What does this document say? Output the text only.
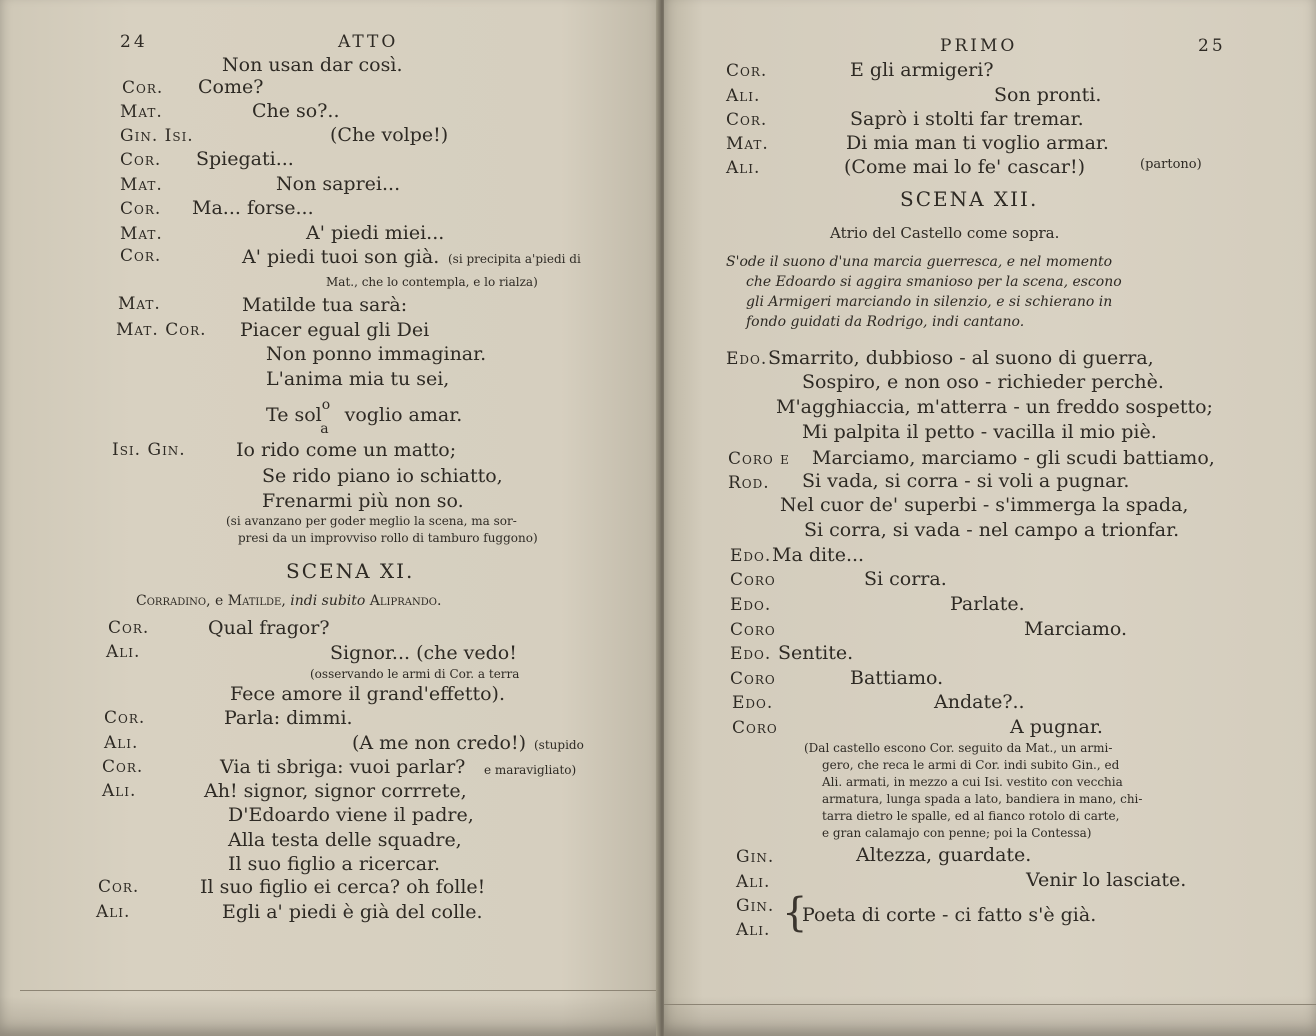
24	ATTO
Non usan dar così.
Cor. Come?
Mat.	Che so?..
Gin. Isi.	(Che volpe!)
Cor. Spiegati...
Mat.	Non saprei...
Cor. Ma... forse...
Mat.	A' piedi miei...
Cor.	A' piedi tuoi son già. (si precipita a'piedi di
Mat., che lo contempla, e lo rialza)
Mat.	Matilde tua sarà:
Mat. Cor. Piacer egual gli Dei
Non ponno immaginar.
L'anima mia tu sei,
Te sol$^o_a$ voglio amar.
Isi. Gin.	Io rido come un matto;
Se rido piano io schiatto,
Frenarmi più non so.
(si avanzano per goder meglio la scena, ma sor-
presi da un improvviso rollo di tamburo fuggono)
SCENA XI.
Corradino, e Matilde, indi subito Aliprando.
Cor.	Qual fragor?
Ali.	Signor... (che vedo!
(osservando le armi di Cor. a terra
Fece amore il grand'effetto).
Cor.	Parla: dimmi.
Ali.	(A me non credo!) (stupido
Cor.	Via ti sbriga: vuoi parlar? e maravigliato)
Ali.	Ah! signor, signor corrrete,
D'Edoardo viene il padre,
Alla testa delle squadre,
Il suo figlio a ricercar.
Cor.	Il suo figlio ei cerca? oh folle!
Ali.	Egli a' piedi è già del colle.
PRIMO	25
Cor.	E gli armigeri?
Ali.	Son pronti.
Cor.	Saprò i stolti far tremar.
Mat.	Di mia man ti voglio armar.
Ali.	(Come mai lo fe' cascar!)	(partono)
SCENA XII.
Atrio del Castello come sopra.
S'ode il suono d'una marcia guerresca, e nel momento
che Edoardo si aggira smanioso per la scena, escono
gli Armigeri marciando in silenzio, e si schierano in
fondo guidati da Rodrigo, indi cantano.
Edo. Smarrito, dubbioso - al suono di guerra,
Sospiro, e non oso - richieder perchè.
M'agghiaccia, m'atterra - un freddo sospetto;
Mi palpita il petto - vacilla il mio piè.
Coro e Marciamo, marciamo - gli scudi battiamo,
Rod. Si vada, si corra - si voli a pugnar.
Nel cuor de' superbi - s'immerga la spada,
Si corra, si vada - nel campo a trionfar.
Edo. Ma dite...
Coro	Si corra.
Edo.	Parlate.
Coro	Marciamo.
Edo. Sentite.
Coro	Battiamo.
Edo.	Andate?..
Coro	A pugnar.
(Dal castello escono Cor. seguito da Mat., un armi-
gero, che reca le armi di Cor. indi subito Gin., ed
Ali. armati, in mezzo a cui Isi. vestito con vecchia
armatura, lunga spada a lato, bandiera in mano, chi-
tarra dietro le spalle, ed al fianco rotolo di carte,
e gran calamajo con penne; poi la Contessa)
Gin.	Altezza, guardate.
Ali.	Venir lo lasciate.
Gin.
Ali. {
Poeta di corte - ci fatto s'è già.
